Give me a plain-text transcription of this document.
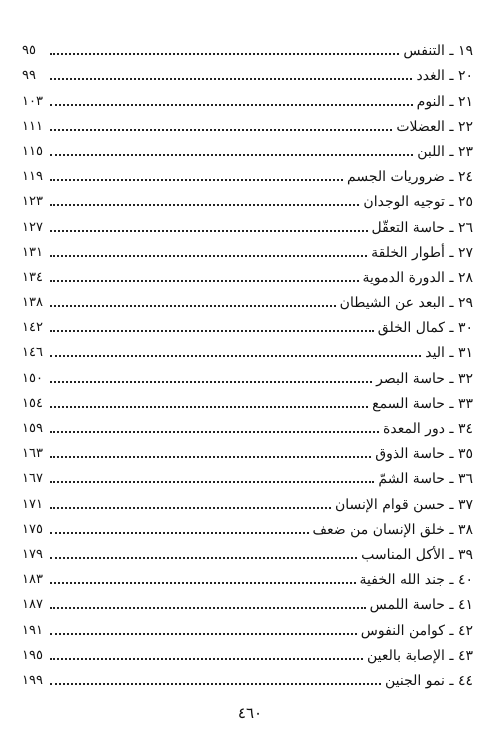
١٩ ـ التنفس
٩٥
٢٠ ـ الغدد
٩٩
٢١ ـ النوم
١٠٣
٢٢ ـ العضلات
١١١
٢٣ ـ اللبن
١١٥
٢٤ ـ ضروريات الجسم
١١٩
٢٥ ـ توجيه الوجدان
١٢٣
٢٦ ـ حاسة التعقّل
١٢٧
٢٧ ـ أطوار الخلقة
١٣١
٢٨ ـ الدورة الدموية
١٣٤
٢٩ ـ البعد عن الشيطان
١٣٨
٣٠ ـ كمال الخلق
١٤٢
٣١ ـ اليد
١٤٦
٣٢ ـ حاسة البصر
١٥٠
٣٣ ـ حاسة السمع
١٥٤
٣٤ ـ دور المعدة
١٥٩
٣٥ ـ حاسة الذوق
١٦٣
٣٦ ـ حاسة الشمّ
١٦٧
٣٧ ـ حسن قوام الإنسان
١٧١
٣٨ ـ خلق الإنسان من ضعف
١٧٥
٣٩ ـ الأكل المناسب
١٧٩
٤٠ ـ جند الله الخفية
١٨٣
٤١ ـ حاسة اللمس
١٨٧
٤٢ ـ كوامن النفوس
١٩١
٤٣ ـ الإصابة بالعين
١٩٥
٤٤ ـ نمو الجنين
١٩٩
٤٦٠
